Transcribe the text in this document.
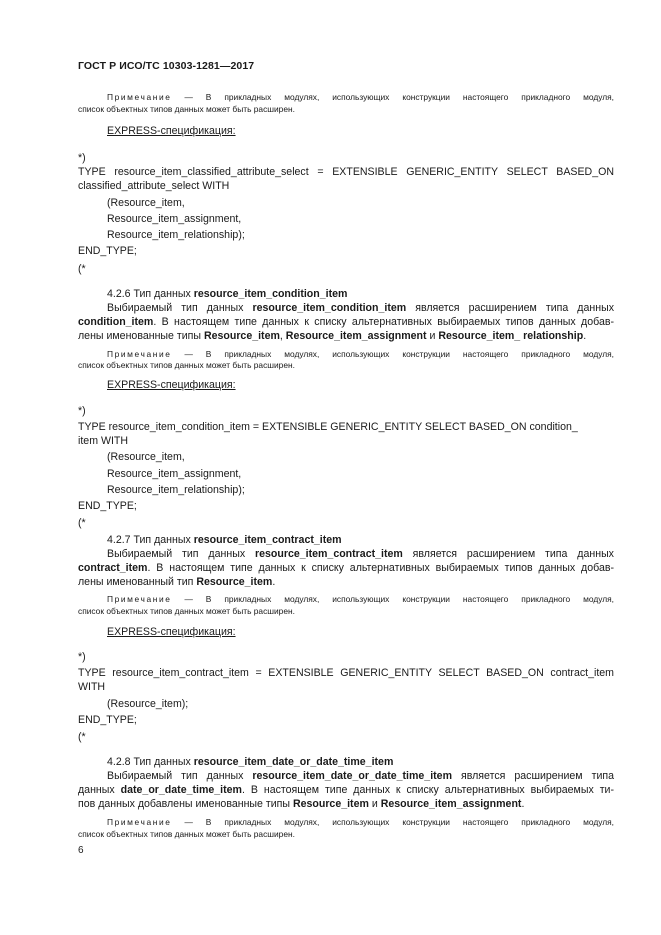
ГОСТ Р ИСО/ТС 10303-1281—2017
Примечание — В прикладных модулях, использующих конструкции настоящего прикладного модуля,
список объектных типов данных может быть расширен.
EXPRESS-спецификация:
*)
TYPE resource_item_classified_attribute_select = EXTENSIBLE GENERIC_ENTITY SELECT BASED_ON
classified_attribute_select WITH
(Resource_item,
Resource_item_assignment,
Resource_item_relationship);
END_TYPE;
(*
4.2.6 Тип данных resource_item_condition_item
Выбираемый тип данных resource_item_condition_item является расширением типа данных
condition_item. В настоящем типе данных к списку альтернативных выбираемых типов данных добав-
лены именованные типы Resource_item, Resource_item_assignment и Resource_item_ relationship.
Примечание — В прикладных модулях, использующих конструкции настоящего прикладного модуля,
список объектных типов данных может быть расширен.
EXPRESS-спецификация:
*)
TYPE resource_item_condition_item = EXTENSIBLE GENERIC_ENTITY SELECT BASED_ON condition_
item WITH
(Resource_item,
Resource_item_assignment,
Resource_item_relationship);
END_TYPE;
(*
4.2.7 Тип данных resource_item_contract_item
Выбираемый тип данных resource_item_contract_item является расширением типа данных
contract_item. В настоящем типе данных к списку альтернативных выбираемых типов данных добав-
лены именованный тип Resource_item.
Примечание — В прикладных модулях, использующих конструкции настоящего прикладного модуля,
список объектных типов данных может быть расширен.
EXPRESS-спецификация:
*)
TYPE resource_item_contract_item = EXTENSIBLE GENERIC_ENTITY SELECT BASED_ON contract_item
WITH
(Resource_item);
END_TYPE;
(*
4.2.8 Тип данных resource_item_date_or_date_time_item
Выбираемый тип данных resource_item_date_or_date_time_item является расширением типа
данных date_or_date_time_item. В настоящем типе данных к списку альтернативных выбираемых ти-
пов данных добавлены именованные типы Resource_item и Resource_item_assignment.
Примечание — В прикладных модулях, использующих конструкции настоящего прикладного модуля,
список объектных типов данных может быть расширен.
6
